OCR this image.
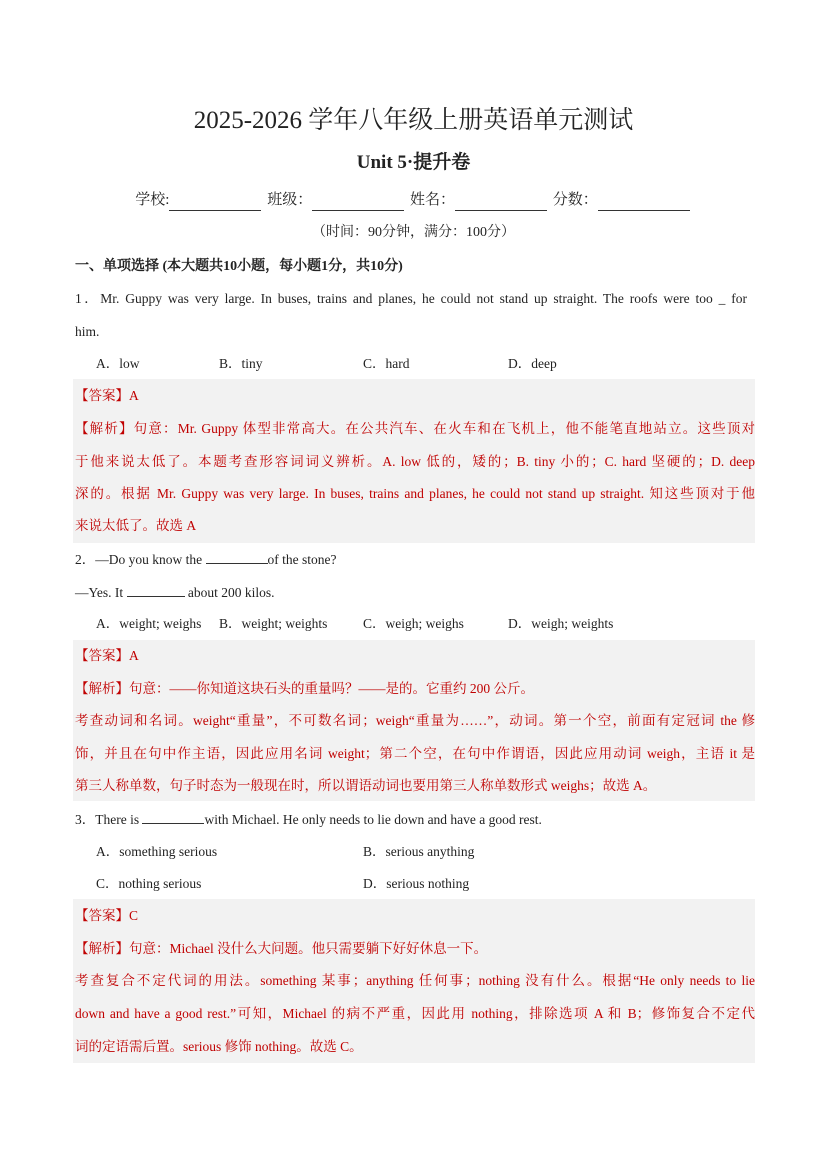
2025-2026 学年八年级上册英语单元测试
Unit 5·提升卷
学校:	班级：	姓名：	分数：
（时间：90分钟，满分：100分）
一、单项选择 (本大题共10小题，每小题1分，共10分)
1．Mr. Guppy was very large. In buses, trains and planes, he could not stand up straight. The roofs were too _ for
him.
A．low	B．tiny	C．hard	D．deep
【答案】A
【解析】句意：Mr. Guppy 体型非常高大。在公共汽车、在火车和在飞机上，他不能笔直地站立。这些顶对
于他来说太低了。本题考查形容词词义辨析。A. low 低的，矮的；B. tiny 小的；C. hard 坚硬的；D. deep
深的。根据 Mr. Guppy was very large. In buses, trains and planes, he could not stand up straight. 知这些顶对于他
来说太低了。故选 A
2．—Do you know the	of the stone?
—Yes. It	about 200 kilos.
A．weight; weighs B．weight; weights	C．weigh; weighs	D．weigh; weights
【答案】A
【解析】句意：——你知道这块石头的重量吗？——是的。它重约 200 公斤。
考查动词和名词。weight“重量”，不可数名词；weigh“重量为……”，动词。第一个空，前面有定冠词 the 修
饰，并且在句中作主语，因此应用名词 weight；第二个空，在句中作谓语，因此应用动词 weigh，主语 it 是
第三人称单数，句子时态为一般现在时，所以谓语动词也要用第三人称单数形式 weighs；故选 A。
3．There is	with Michael. He only needs to lie down and have a good rest.
A．something serious	B．serious anything
C．nothing serious	D．serious nothing
【答案】C
【解析】句意：Michael 没什么大问题。他只需要躺下好好休息一下。
考查复合不定代词的用法。something 某事；anything 任何事；nothing 没有什么。根据“He only needs to lie
down and have a good rest.”可知，Michael 的病不严重，因此用 nothing，排除选项 A 和 B；修饰复合不定代
词的定语需后置。serious 修饰 nothing。故选 C。
